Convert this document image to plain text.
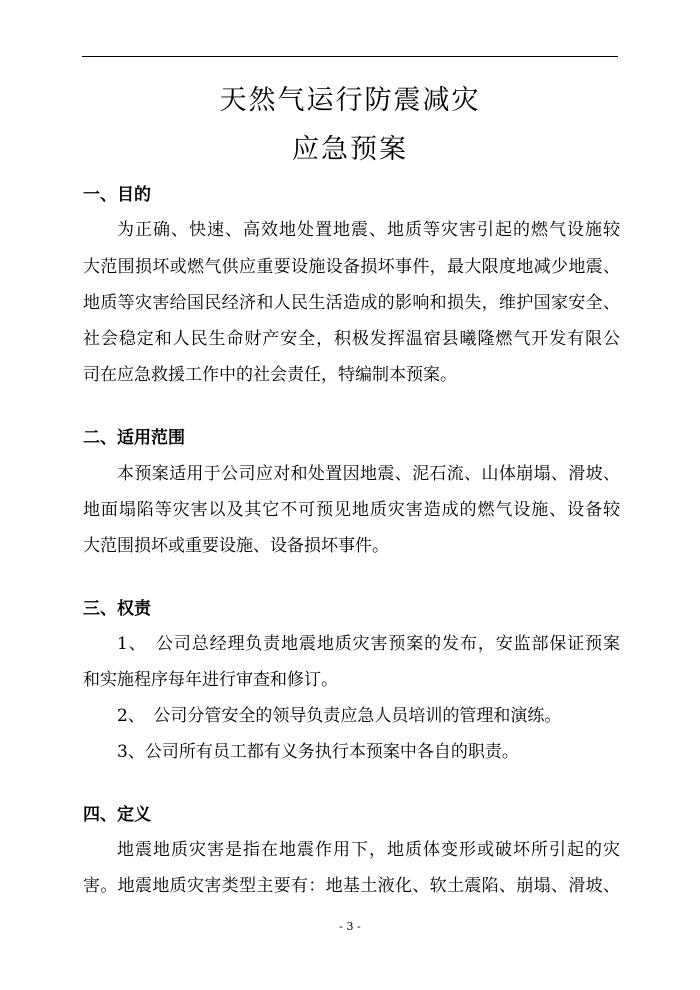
天然气运行防震减灾
应急预案
一、目的
为正确、快速、高效地处置地震、地质等灾害引起的燃气设施较
大范围损坏或燃气供应重要设施设备损坏事件，最大限度地减少地震、
地质等灾害给国民经济和人民生活造成的影响和损失，维护国家安全、
社会稳定和人民生命财产安全，积极发挥温宿县曦隆燃气开发有限公
司在应急救援工作中的社会责任，特编制本预案。
二、适用范围
本预案适用于公司应对和处置因地震、泥石流、山体崩塌、滑坡、
地面塌陷等灾害以及其它不可预见地质灾害造成的燃气设施、设备较
大范围损坏或重要设施、设备损坏事件。
三、权责
1、　公司总经理负责地震地质灾害预案的发布，安监部保证预案
和实施程序每年进行审查和修订。
2、　公司分管安全的领导负责应急人员培训的管理和演练。
3、公司所有员工都有义务执行本预案中各自的职责。
四、定义
地震地质灾害是指在地震作用下，地质体变形或破坏所引起的灾
害。地震地质灾害类型主要有：地基土液化、软土震陷、崩塌、滑坡、
- 3 -
